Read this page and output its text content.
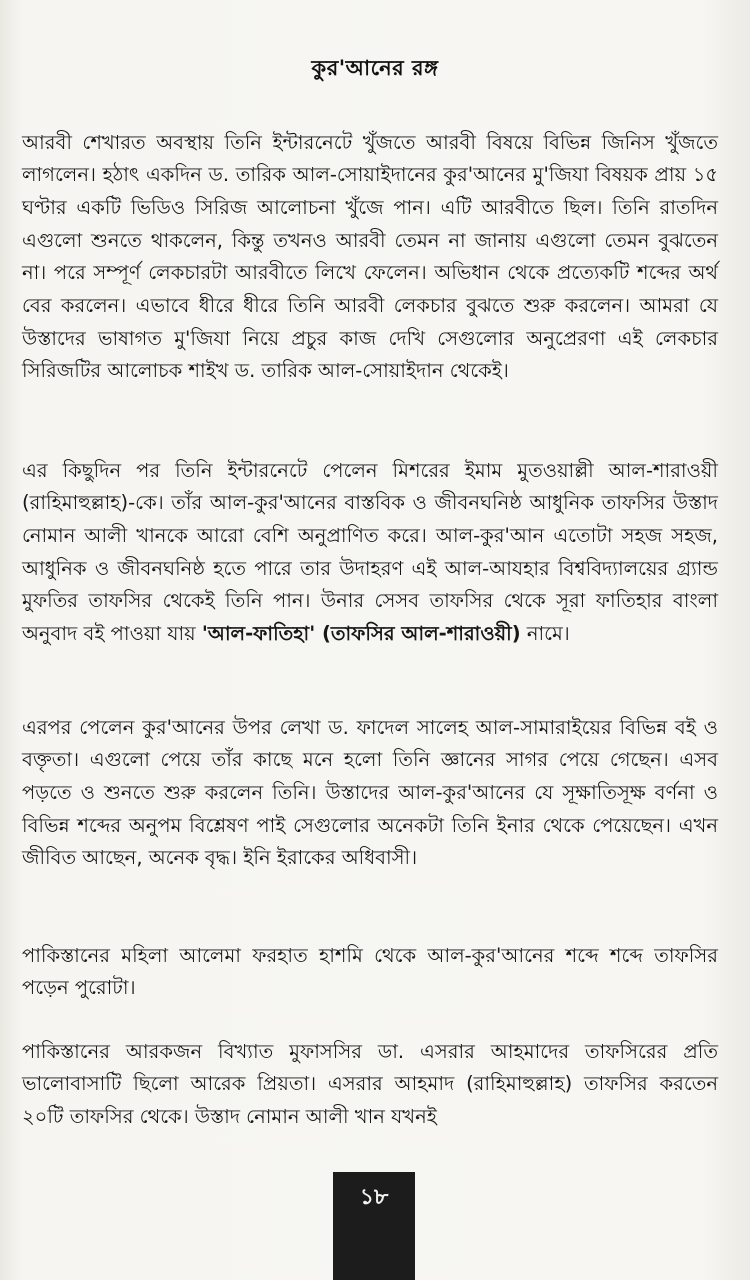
কুর'আনের রঙ্গ

আরবী শেখারত অবস্থায় তিনি ইন্টারনেটে খুঁজতে আরবী বিষয়ে বিভিন্ন জিনিস খুঁজতে লাগলেন। হঠাৎ একদিন ড. তারিক আল-সোয়াইদানের কুর'আনের মু'জিযা বিষয়ক প্রায় ১৫ ঘণ্টার একটি ভিডিও সিরিজ আলোচনা খুঁজে পান। এটি আরবীতে ছিল। তিনি রাতদিন এগুলো শুনতে থাকলেন, কিন্তু তখনও আরবী তেমন না জানায় এগুলো তেমন বুঝতেন না। পরে সম্পূর্ণ লেকচারটা আরবীতে লিখে ফেলেন। অভিধান থেকে প্রত্যেকটি শব্দের অর্থ বের করলেন। এভাবে ধীরে ধীরে তিনি আরবী লেকচার বুঝতে শুরু করলেন। আমরা যে উস্তাদের ভাষাগত মু'জিযা নিয়ে প্রচুর কাজ দেখি সেগুলোর অনুপ্রেরণা এই লেকচার সিরিজটির আলোচক শাইখ ড. তারিক আল-সোয়াইদান থেকেই।

এর কিছুদিন পর তিনি ইন্টারনেটে পেলেন মিশরের ইমাম মুতওয়াল্লী আল-শারাওয়ী (রাহিমাহুল্লাহ)-কে। তাঁর আল-কুর'আনের বাস্তবিক ও জীবনঘনিষ্ঠ আধুনিক তাফসির উস্তাদ নোমান আলী খানকে আরো বেশি অনুপ্রাণিত করে। আল-কুর'আন এতোটা সহজ সহজ, আধুনিক ও জীবনঘনিষ্ঠ হতে পারে তার উদাহরণ এই আল-আযহার বিশ্ববিদ্যালয়ের গ্র্যান্ড মুফতির তাফসির থেকেই তিনি পান। উনার সেসব তাফসির থেকে সূরা ফাতিহার বাংলা অনুবাদ বই পাওয়া যায় 'আল-ফাতিহা' (তাফসির আল-শারাওয়ী) নামে।

এরপর পেলেন কুর'আনের উপর লেখা ড. ফাদেল সালেহ আল-সামারাইয়ের বিভিন্ন বই ও বক্তৃতা। এগুলো পেয়ে তাঁর কাছে মনে হলো তিনি জ্ঞানের সাগর পেয়ে গেছেন। এসব পড়তে ও শুনতে শুরু করলেন তিনি। উস্তাদের আল-কুর'আনের যে সূক্ষাতিসূক্ষ বর্ণনা ও বিভিন্ন শব্দের অনুপম বিশ্লেষণ পাই সেগুলোর অনেকটা তিনি ইনার থেকে পেয়েছেন। এখন জীবিত আছেন, অনেক বৃদ্ধ। ইনি ইরাকের অধিবাসী।

পাকিস্তানের মহিলা আলেমা ফরহাত হাশমি থেকে আল-কুর'আনের শব্দে শব্দে তাফসির পড়েন পুরোটা।

পাকিস্তানের আরকজন বিখ্যাত মুফাসসির ডা. এসরার আহমাদের তাফসিরের প্রতি ভালোবাসাটি ছিলো আরেক প্রিয়তা। এসরার আহমাদ (রাহিমাহুল্লাহ) তাফসির করতেন ২০টি তাফসির থেকে। উস্তাদ নোমান আলী খান যখনই

১৮
